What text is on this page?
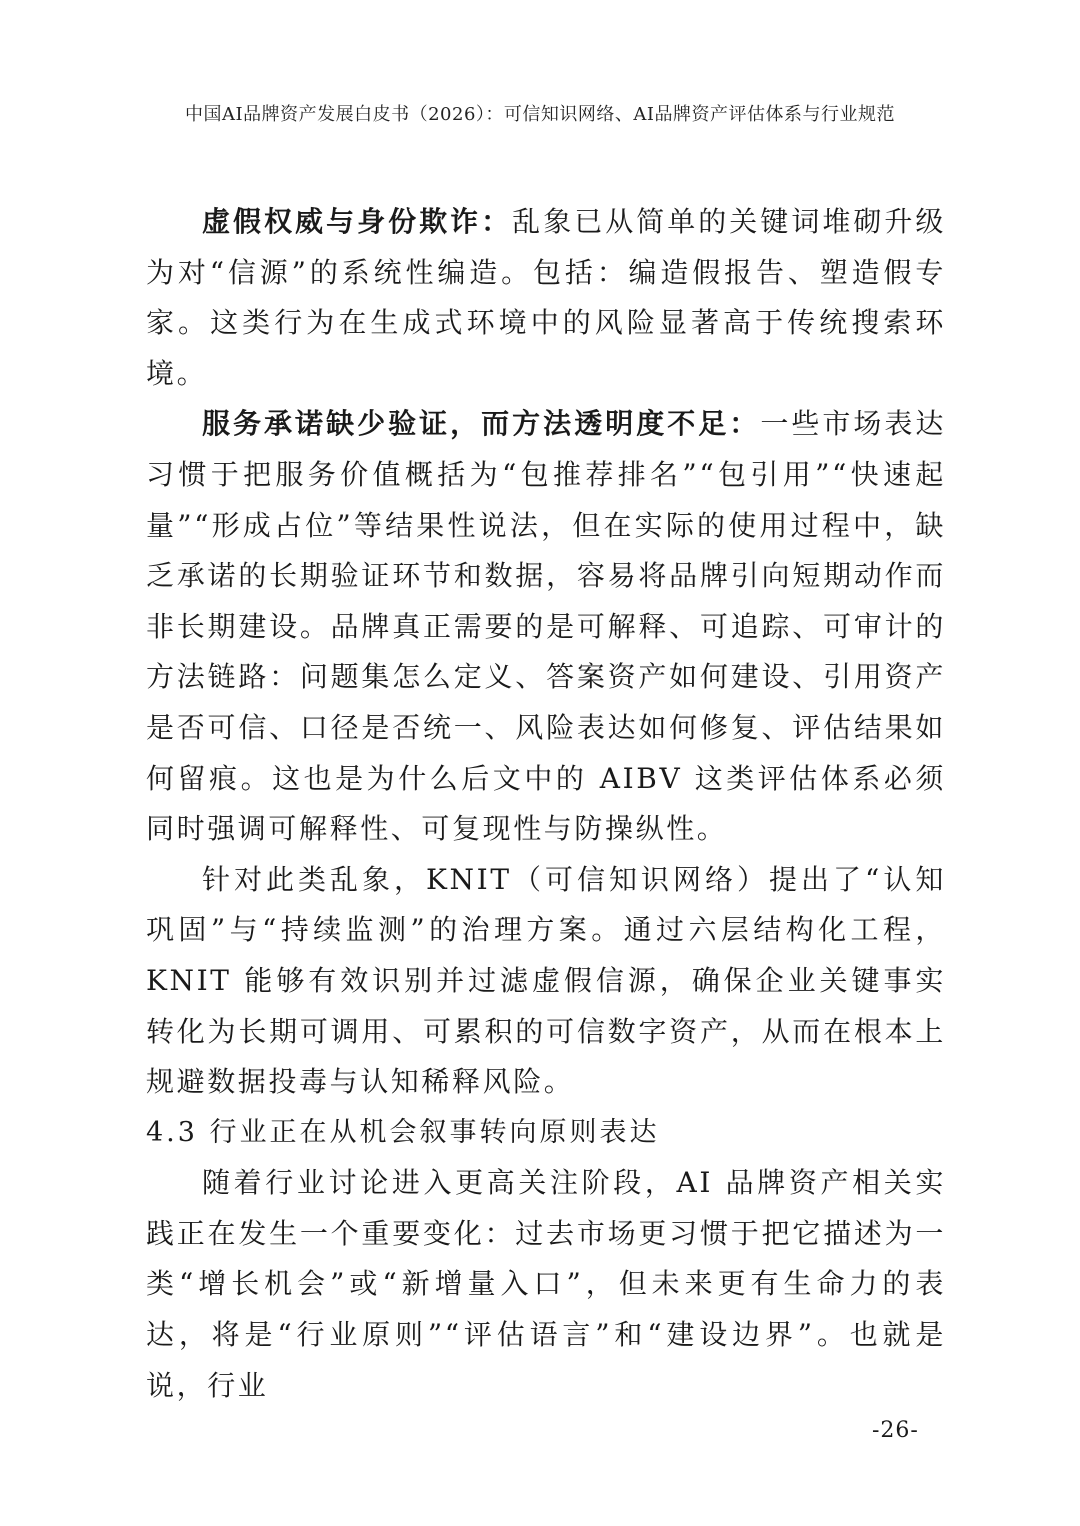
中国AI品牌资产发展白皮书（2026）：可信知识网络、AI品牌资产评估体系与行业规范

虚假权威与身份欺诈：乱象已从简单的关键词堆砌升级为对“信源”的系统性编造。包括：编造假报告、塑造假专家。这类行为在生成式环境中的风险显著高于传统搜索环境。

服务承诺缺少验证，而方法透明度不足：一些市场表达习惯于把服务价值概括为“包推荐排名”“包引用”“快速起量”“形成占位”等结果性说法，但在实际的使用过程中，缺乏承诺的长期验证环节和数据，容易将品牌引向短期动作而非长期建设。品牌真正需要的是可解释、可追踪、可审计的方法链路：问题集怎么定义、答案资产如何建设、引用资产是否可信、口径是否统一、风险表达如何修复、评估结果如何留痕。这也是为什么后文中的 AIBV 这类评估体系必须同时强调可解释性、可复现性与防操纵性。

针对此类乱象，KNIT（可信知识网络）提出了“认知巩固”与“持续监测”的治理方案。通过六层结构化工程，KNIT 能够有效识别并过滤虚假信源，确保企业关键事实转化为长期可调用、可累积的可信数字资产，从而在根本上规避数据投毒与认知稀释风险。

4.3 行业正在从机会叙事转向原则表达

随着行业讨论进入更高关注阶段，AI 品牌资产相关实践正在发生一个重要变化：过去市场更习惯于把它描述为一类“增长机会”或“新增量入口”，但未来更有生命力的表达，将是“行业原则”“评估语言”和“建设边界”。也就是说，行业

-26-
